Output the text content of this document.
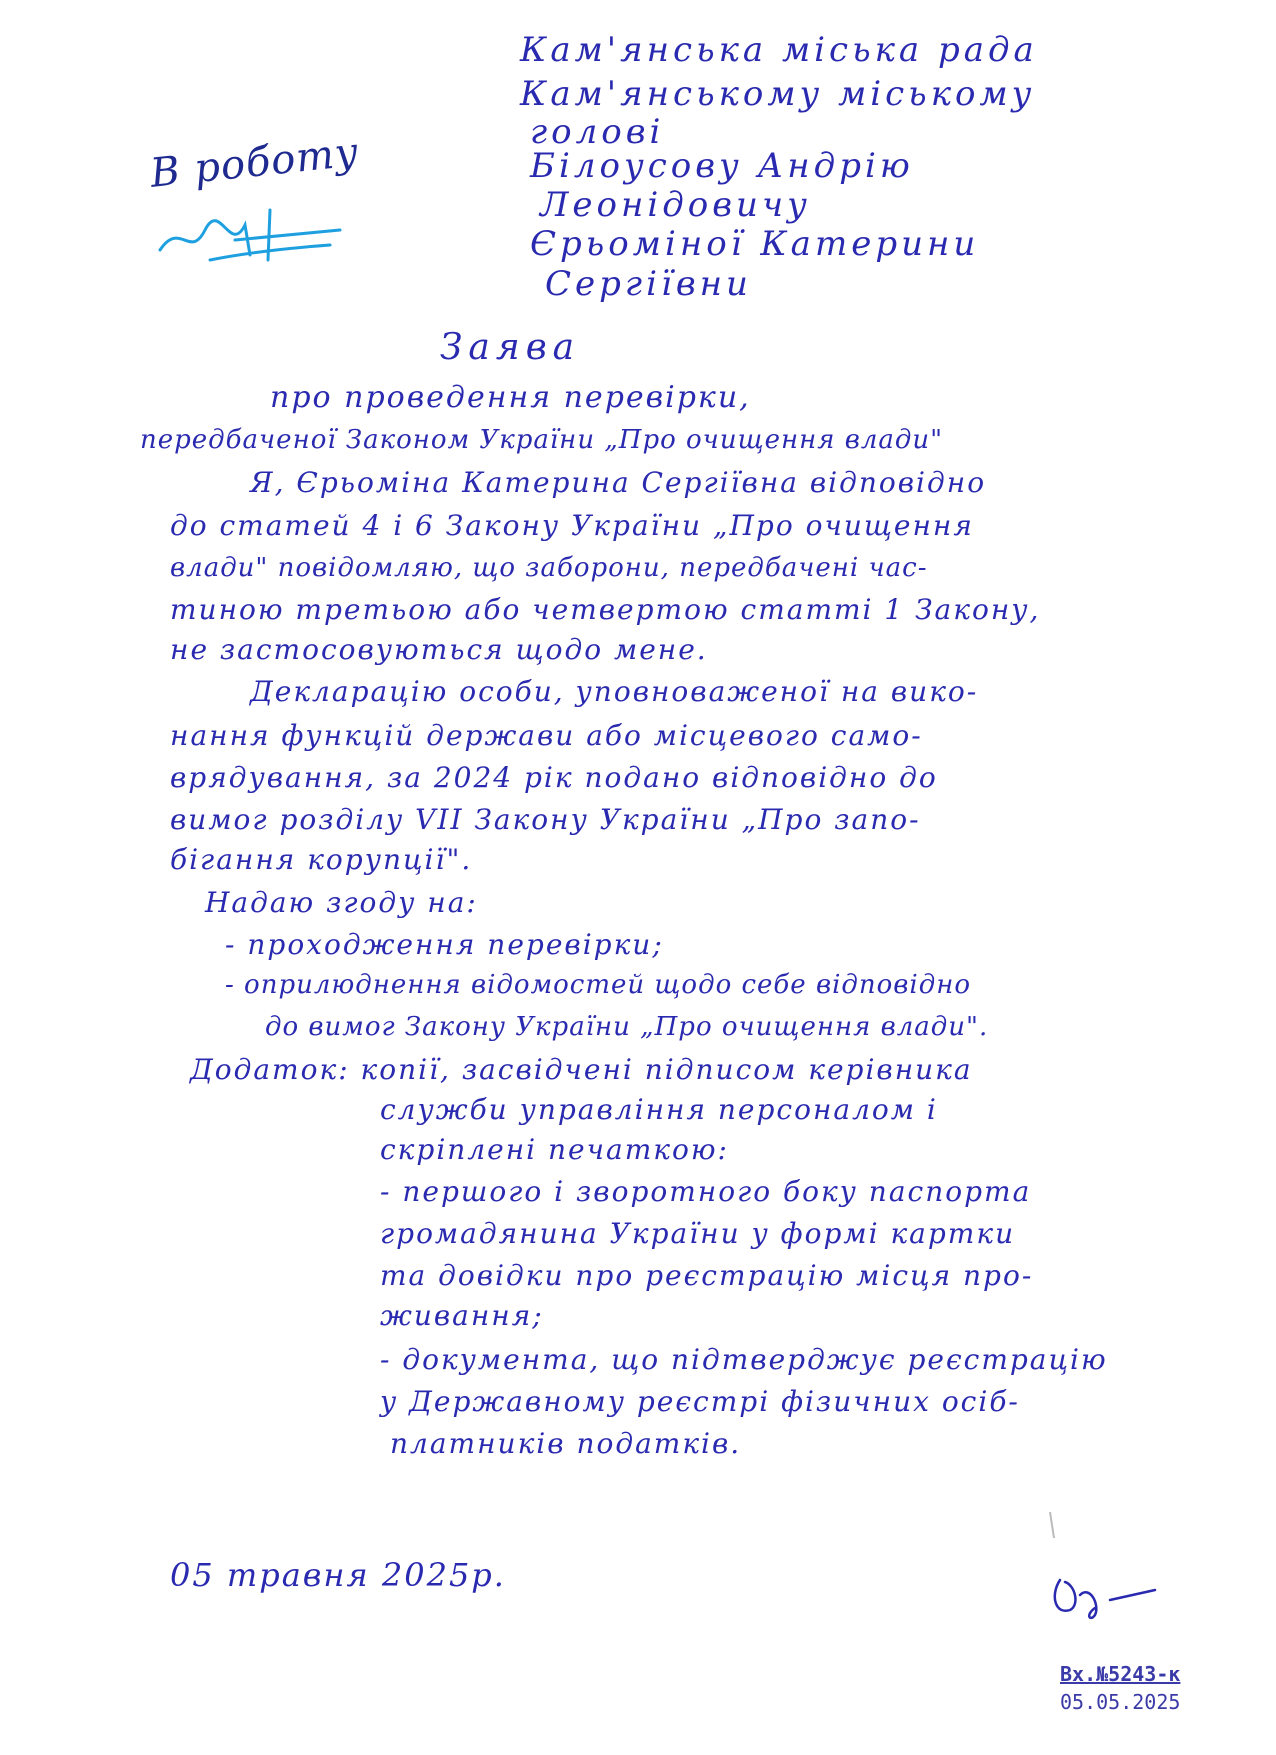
В роботу
Кам'янська міська рада
Кам'янському міському
голові
Білоусову Андрію
Леонідовичу
Єрьоміної Катерини
Сергіївни
Заява
про проведення перевірки,
передбаченої Законом України „Про очищення влади"
Я, Єрьоміна Катерина Сергіївна відповідно
до статей 4 і 6 Закону України „Про очищення
влади" повідомляю, що заборони, передбачені час-
тиною третьою або четвертою статті 1 Закону,
не застосовуються щодо мене.
Декларацію особи, уповноваженої на вико-
нання функцій держави або місцевого само-
врядування, за 2024 рік подано відповідно до
вимог розділу VII Закону України „Про запо-
бігання корупції".
Надаю згоду на:
- проходження перевірки;
- оприлюднення відомостей щодо себе відповідно
до вимог Закону України „Про очищення влади".
Додаток: копії, засвідчені підписом керівника
служби управління персоналом і
скріплені печаткою:
- першого і зворотного боку паспорта
громадянина України у формі картки
та довідки про реєстрацію місця про-
живання;
- документа, що підтверджує реєстрацію
у Державному реєстрі фізичних осіб-
платників податків.
05 травня 2025р.
Вх.№5243-к
05.05.2025
